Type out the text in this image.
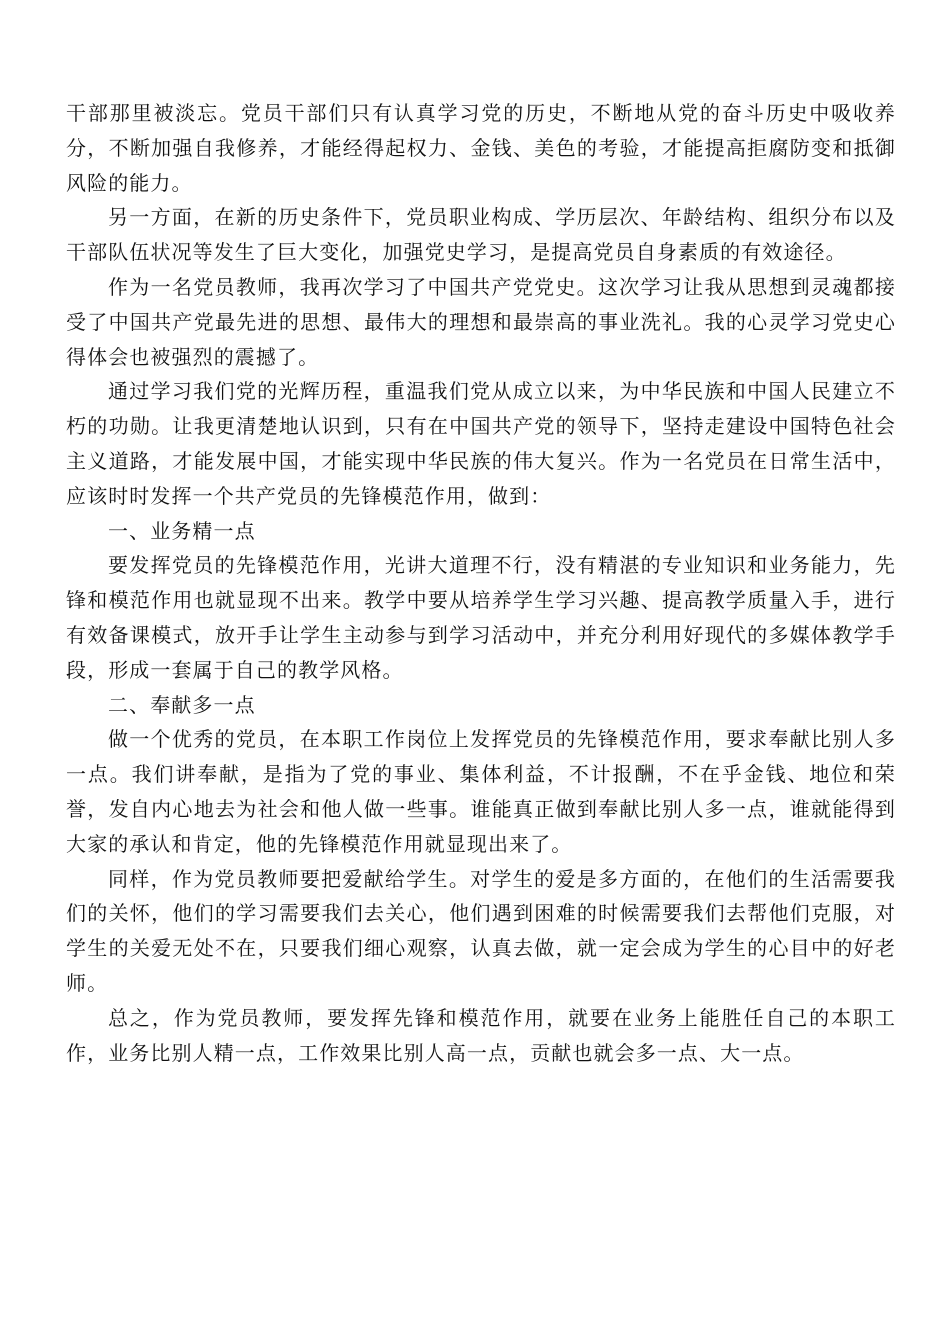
干部那里被淡忘。党员干部们只有认真学习党的历史，不断地从党的奋斗历史中吸收养分，不断加强自我修养，才能经得起权力、金钱、美色的考验，才能提高拒腐防变和抵御风险的能力。

另一方面，在新的历史条件下，党员职业构成、学历层次、年龄结构、组织分布以及干部队伍状况等发生了巨大变化，加强党史学习，是提高党员自身素质的有效途径。

作为一名党员教师，我再次学习了中国共产党党史。这次学习让我从思想到灵魂都接受了中国共产党最先进的思想、最伟大的理想和最崇高的事业洗礼。我的心灵学习党史心得体会也被强烈的震撼了。

通过学习我们党的光辉历程，重温我们党从成立以来，为中华民族和中国人民建立不朽的功勋。让我更清楚地认识到，只有在中国共产党的领导下，坚持走建设中国特色社会主义道路，才能发展中国，才能实现中华民族的伟大复兴。作为一名党员在日常生活中，应该时时发挥一个共产党员的先锋模范作用，做到：

一、业务精一点

要发挥党员的先锋模范作用，光讲大道理不行，没有精湛的专业知识和业务能力，先锋和模范作用也就显现不出来。教学中要从培养学生学习兴趣、提高教学质量入手，进行有效备课模式，放开手让学生主动参与到学习活动中，并充分利用好现代的多媒体教学手段，形成一套属于自己的教学风格。

二、奉献多一点

做一个优秀的党员，在本职工作岗位上发挥党员的先锋模范作用，要求奉献比别人多一点。我们讲奉献，是指为了党的事业、集体利益，不计报酬，不在乎金钱、地位和荣誉，发自内心地去为社会和他人做一些事。谁能真正做到奉献比别人多一点，谁就能得到大家的承认和肯定，他的先锋模范作用就显现出来了。

同样，作为党员教师要把爱献给学生。对学生的爱是多方面的，在他们的生活需要我们的关怀，他们的学习需要我们去关心，他们遇到困难的时候需要我们去帮他们克服，对学生的关爱无处不在，只要我们细心观察，认真去做，就一定会成为学生的心目中的好老师。

总之，作为党员教师，要发挥先锋和模范作用，就要在业务上能胜任自己的本职工作，业务比别人精一点，工作效果比别人高一点，贡献也就会多一点、大一点。
